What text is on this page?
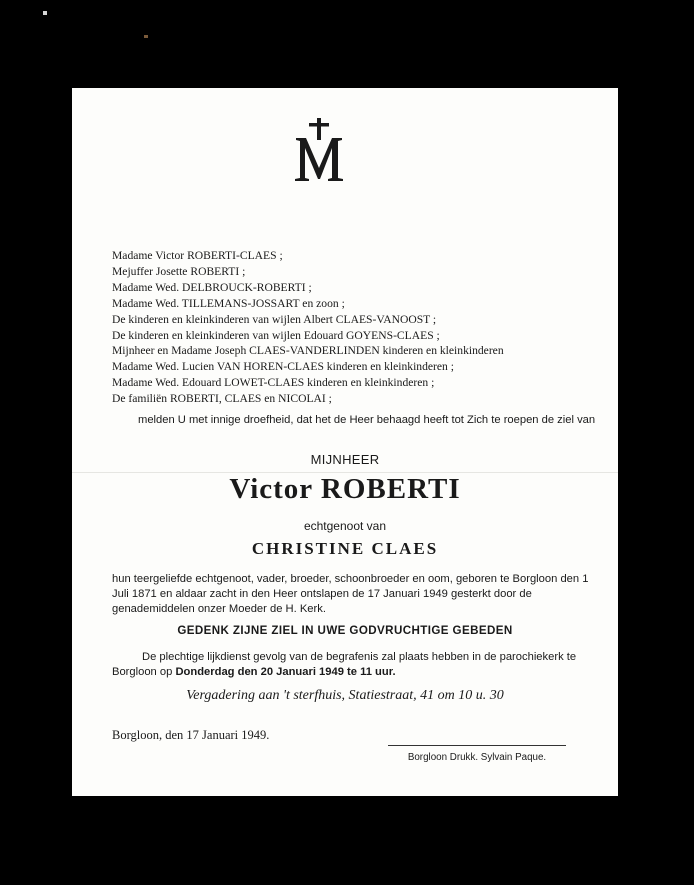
Madame Victor ROBERTI-CLAES ;
Mejuffer Josette ROBERTI ;
Madame Wed. DELBROUCK-ROBERTI ;
Madame Wed. TILLEMANS-JOSSART en zoon ;
De kinderen en kleinkinderen van wijlen Albert CLAES-VANOOST ;
De kinderen en kleinkinderen van wijlen Edouard GOYENS-CLAES ;
Mijnheer en Madame Joseph CLAES-VANDERLINDEN kinderen en kleinkinderen
Madame Wed. Lucien VAN HOREN-CLAES kinderen en kleinkinderen ;
Madame Wed. Edouard LOWET-CLAES kinderen en kleinkinderen ;
De familiën ROBERTI, CLAES en NICOLAI ;
melden U met innige droefheid, dat het de Heer behaagd heeft tot Zich te roepen de ziel van
MIJNHEER
Victor ROBERTI
echtgenoot van
CHRISTINE CLAES
hun teergeliefde echtgenoot, vader, broeder, schoonbroeder en oom, geboren te Borgloon den 1 Juli 1871 en aldaar zacht in den Heer ontslapen de 17 Januari 1949 gesterkt door de genademiddelen onzer Moeder de H. Kerk.
GEDENK ZIJNE ZIEL IN UWE GODVRUCHTIGE GEBEDEN
De plechtige lijkdienst gevolg van de begrafenis zal plaats hebben in de parochiekerk te Borgloon op Donderdag den 20 Januari 1949 te 11 uur.
Vergadering aan 't sterfhuis, Statiestraat, 41 om 10 u. 30
Borgloon, den 17 Januari 1949.
Borgloon Drukk. Sylvain Paque.
